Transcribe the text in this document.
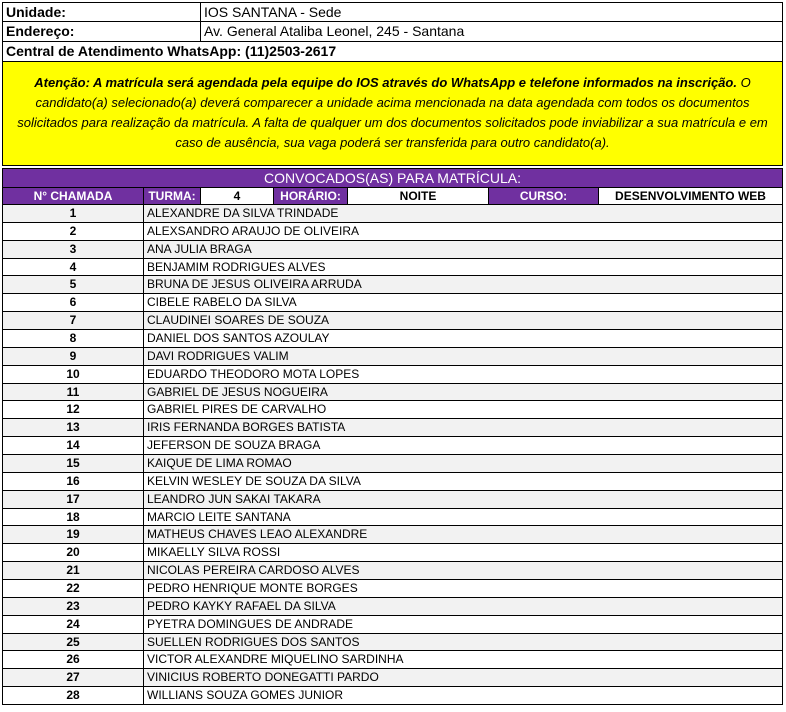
Unidade:	IOS SANTANA - Sede
Endereço:	Av. General Ataliba Leonel, 245 - Santana
Central de Atendimento WhatsApp: (11)2503-2617
Atenção: A matrícula será agendada pela equipe do IOS através do WhatsApp e telefone informados na inscrição. O candidato(a) selecionado(a) deverá comparecer a unidade acima mencionada na data agendada com todos os documentos solicitados para realização da matrícula. A falta de qualquer um dos documentos solicitados pode inviabilizar a sua matrícula e em caso de ausência, sua vaga poderá ser transferida para outro candidato(a).
CONVOCADOS(AS) PARA MATRÍCULA:
N° CHAMADA	TURMA:	4	HORÁRIO:	NOITE	CURSO:	DESENVOLVIMENTO WEB
1	ALEXANDRE DA SILVA TRINDADE
2	ALEXSANDRO ARAUJO DE OLIVEIRA
3	ANA JULIA BRAGA
4	BENJAMIM RODRIGUES ALVES
5	BRUNA DE JESUS OLIVEIRA ARRUDA
6	CIBELE RABELO DA SILVA
7	CLAUDINEI SOARES DE SOUZA
8	DANIEL DOS SANTOS AZOULAY
9	DAVI RODRIGUES VALIM
10	EDUARDO THEODORO MOTA LOPES
11	GABRIEL DE JESUS NOGUEIRA
12	GABRIEL PIRES DE CARVALHO
13	IRIS FERNANDA BORGES BATISTA
14	JEFERSON DE SOUZA BRAGA
15	KAIQUE DE LIMA ROMAO
16	KELVIN WESLEY DE SOUZA DA SILVA
17	LEANDRO JUN SAKAI TAKARA
18	MARCIO LEITE SANTANA
19	MATHEUS CHAVES LEAO ALEXANDRE
20	MIKAELLY SILVA ROSSI
21	NICOLAS PEREIRA CARDOSO ALVES
22	PEDRO HENRIQUE MONTE BORGES
23	PEDRO KAYKY RAFAEL DA SILVA
24	PYETRA DOMINGUES DE ANDRADE
25	SUELLEN RODRIGUES DOS SANTOS
26	VICTOR ALEXANDRE MIQUELINO SARDINHA
27	VINICIUS ROBERTO DONEGATTI PARDO
28	WILLIANS SOUZA GOMES JUNIOR
